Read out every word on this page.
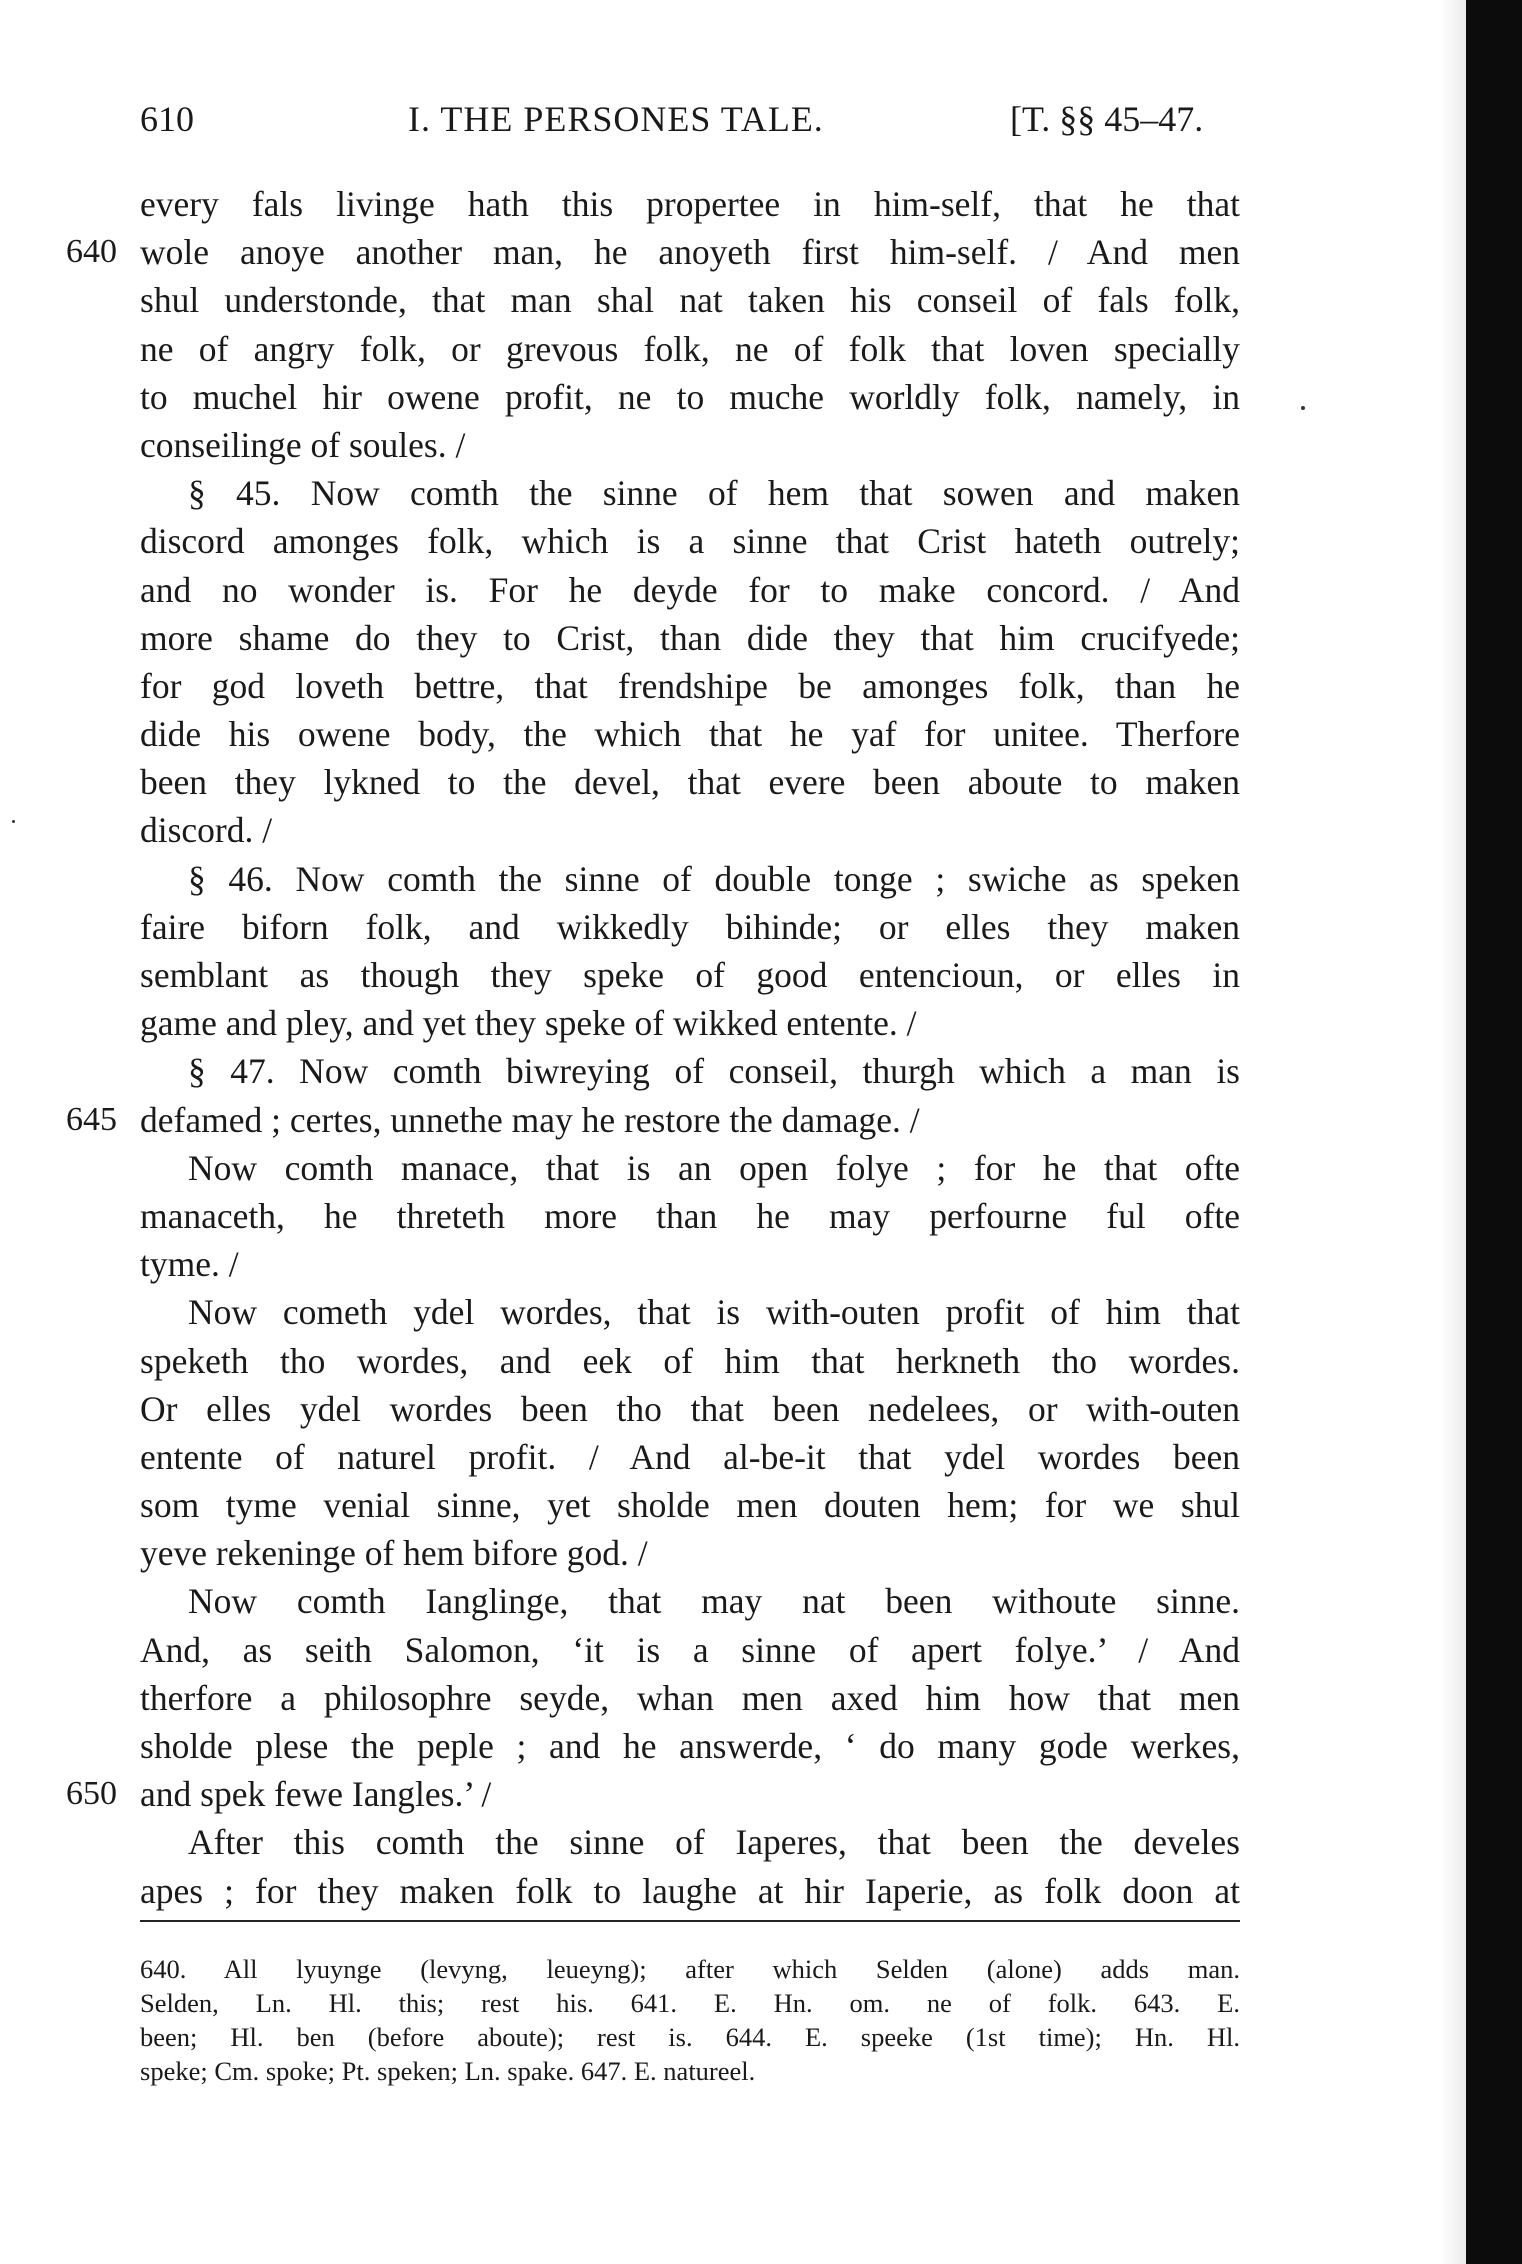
610	I. THE PERSONES TALE.	[T. §§ 45–47.
every fals livinge hath this propertee in him-self, that he that
640 wole anoye another man, he anoyeth first him-self. / And men
shul understonde, that man shal nat taken his conseil of fals folk,
ne of angry folk, or grevous folk, ne of folk that loven specially
to muchel hir owene profit, ne to muche worldly folk, namely, in
conseilinge of soules. /
§ 45. Now comth the sinne of hem that sowen and maken
discord amonges folk, which is a sinne that Crist hateth outrely;
and no wonder is. For he deyde for to make concord. / And
more shame do they to Crist, than dide they that him crucifyede;
for god loveth bettre, that frendshipe be amonges folk, than he
dide his owene body, the which that he yaf for unitee. Therfore
been they lykned to the devel, that evere been aboute to maken
discord. /
§ 46. Now comth the sinne of double tonge ; swiche as speken
faire biforn folk, and wikkedly bihinde; or elles they maken
semblant as though they speke of good entencioun, or elles in
game and pley, and yet they speke of wikked entente. /
§ 47. Now comth biwreying of conseil, thurgh which a man is
645 defamed ; certes, unnethe may he restore the damage. /
Now comth manace, that is an open folye ; for he that ofte
manaceth, he threteth more than he may perfourne ful ofte
tyme. /
Now cometh ydel wordes, that is with-outen profit of him that
speketh tho wordes, and eek of him that herkneth tho wordes.
Or elles ydel wordes been tho that been nedelees, or with-outen
entente of naturel profit. / And al-be-it that ydel wordes been
som tyme venial sinne, yet sholde men douten hem; for we shul
yeve rekeninge of hem bifore god. /
Now comth Ianglinge, that may nat been withoute sinne.
And, as seith Salomon, ‘it is a sinne of apert folye.’ / And
therfore a philosophre seyde, whan men axed him how that men
sholde plese the peple ; and he answerde, ‘ do many gode werkes,
650 and spek fewe Iangles.’ /
After this comth the sinne of Iaperes, that been the develes
apes ; for they maken folk to laughe at hir Iaperie, as folk doon at
640. All lyuynge (levyng, leueyng); after which Selden (alone) adds man.
Selden, Ln. Hl. this; rest his. 641. E. Hn. om. ne of folk. 643. E.
been; Hl. ben (before aboute); rest is. 644. E. speeke (1st time); Hn. Hl.
speke; Cm. spoke; Pt. speken; Ln. spake. 647. E. natureel.
